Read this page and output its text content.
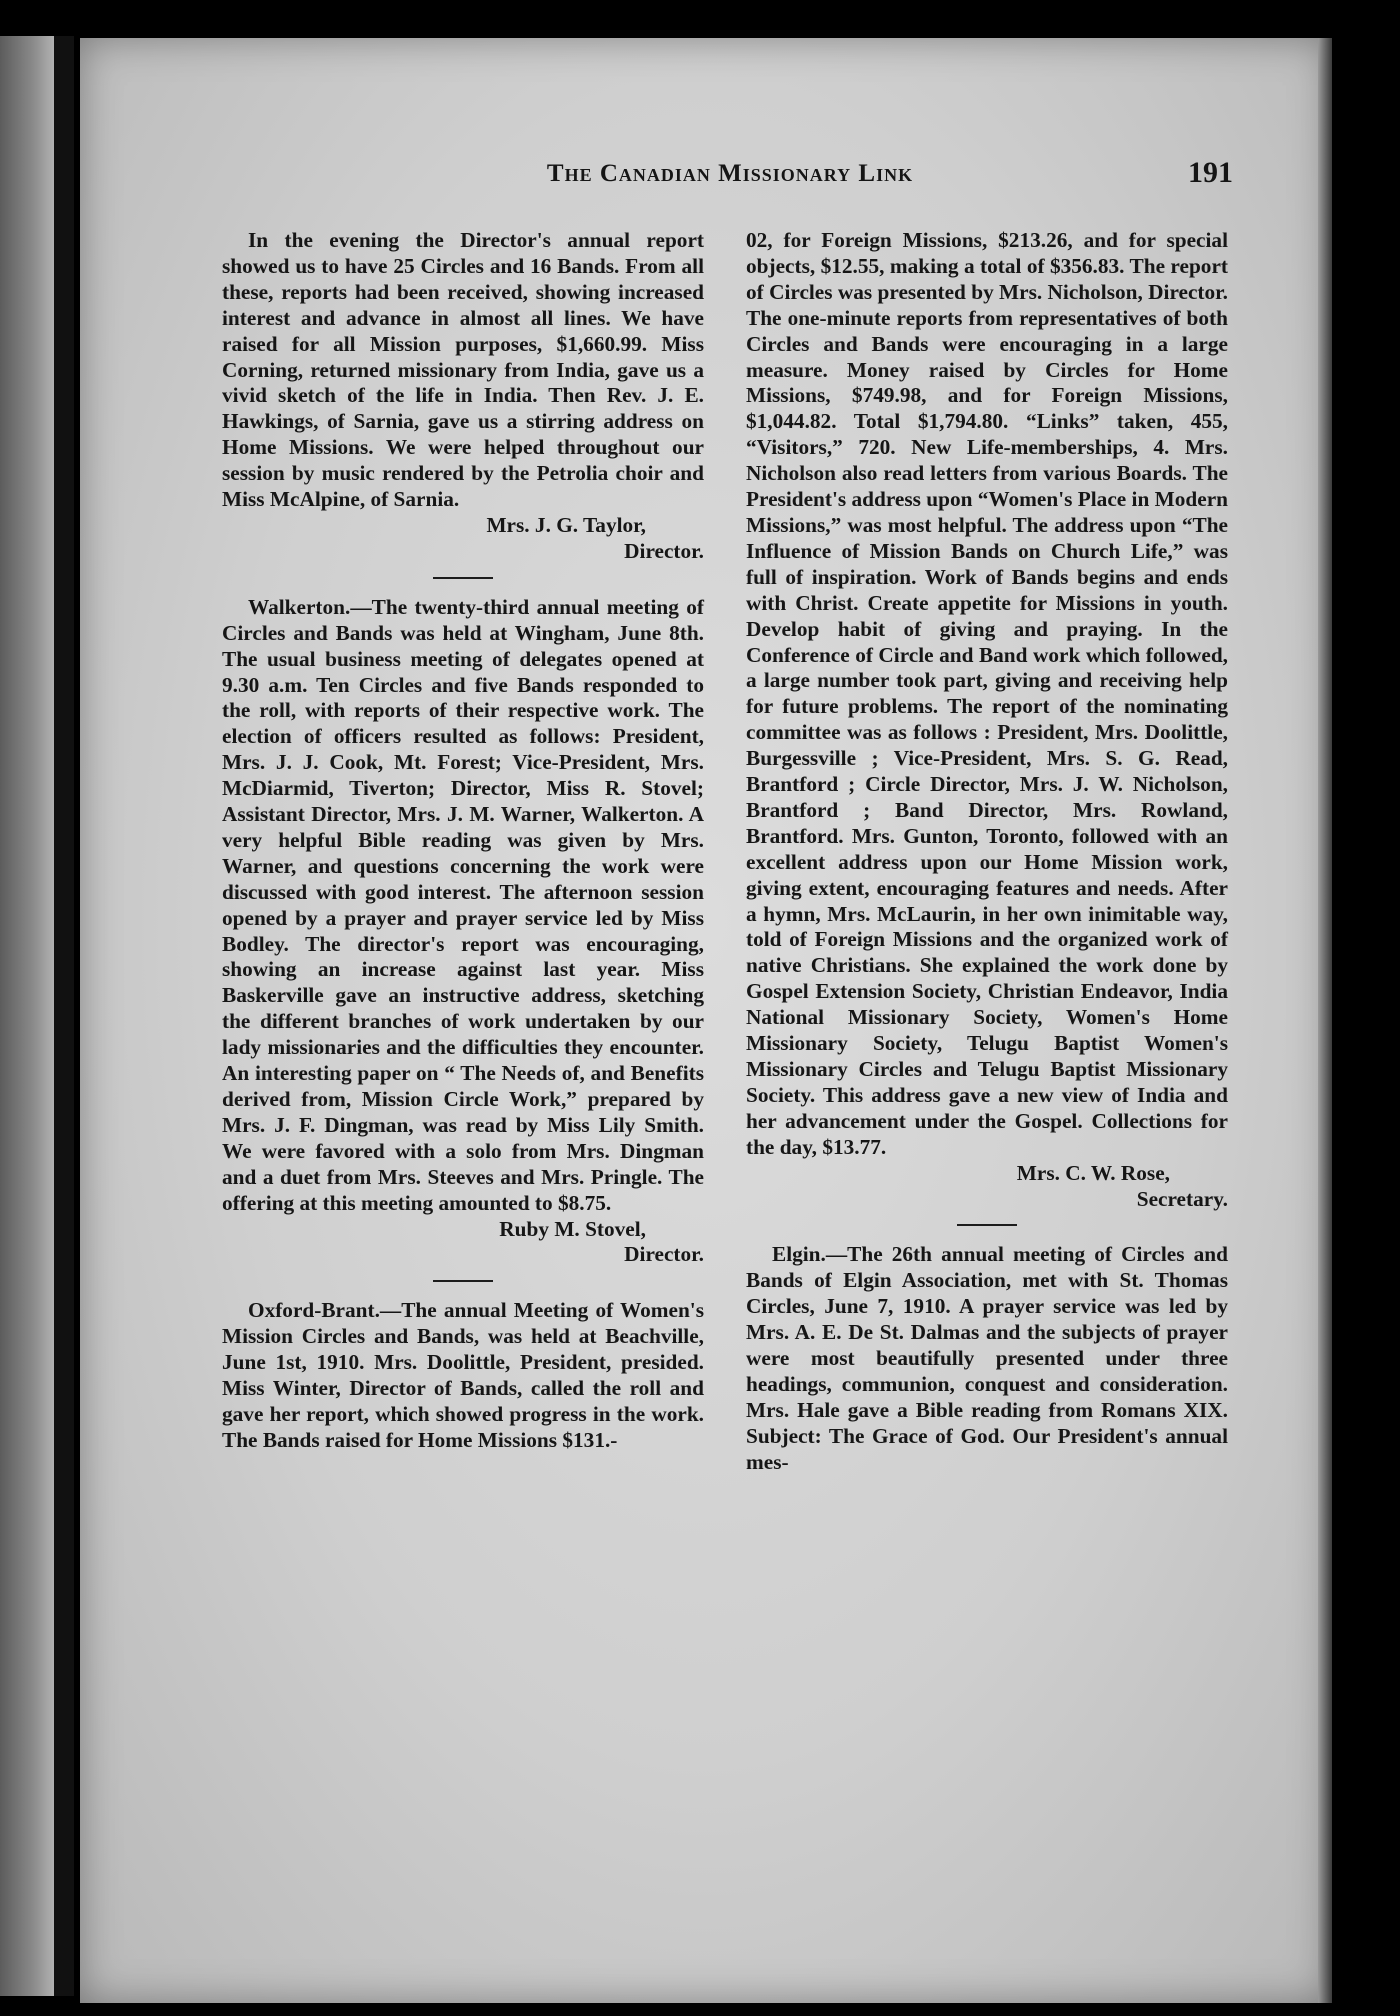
The Canadian Missionary Link	191

In the evening the Director's annual report showed us to have 25 Circles and 16 Bands. From all these, reports had been received, showing increased interest and advance in almost all lines. We have raised for all Mission purposes, $1,660.99. Miss Corning, returned missionary from India, gave us a vivid sketch of the life in India. Then Rev. J. E. Hawkings, of Sarnia, gave us a stirring address on Home Missions. We were helped throughout our session by music rendered by the Petrolia choir and Miss McAlpine, of Sarnia.

Mrs. J. G. Taylor,
Director.

Walkerton.—The twenty-third annual meeting of Circles and Bands was held at Wingham, June 8th. The usual business meeting of delegates opened at 9.30 a.m. Ten Circles and five Bands responded to the roll, with reports of their respective work. The election of officers resulted as follows: President, Mrs. J. J. Cook, Mt. Forest; Vice-President, Mrs. McDiarmid, Tiverton; Director, Miss R. Stovel; Assistant Director, Mrs. J. M. Warner, Walkerton. A very helpful Bible reading was given by Mrs. Warner, and questions concerning the work were discussed with good interest. The afternoon session opened by a prayer and prayer service led by Miss Bodley. The director's report was encouraging, showing an increase against last year. Miss Baskerville gave an instructive address, sketching the different branches of work undertaken by our lady missionaries and the difficulties they encounter. An interesting paper on “ The Needs of, and Benefits derived from, Mission Circle Work,” prepared by Mrs. J. F. Dingman, was read by Miss Lily Smith. We were favored with a solo from Mrs. Dingman and a duet from Mrs. Steeves and Mrs. Pringle. The offering at this meeting amounted to $8.75.

Ruby M. Stovel,
Director.

Oxford-Brant.—The annual Meeting of Women's Mission Circles and Bands, was held at Beachville, June 1st, 1910. Mrs. Doolittle, President, presided. Miss Winter, Director of Bands, called the roll and gave her report, which showed progress in the work. The Bands raised for Home Missions $131.-

02, for Foreign Missions, $213.26, and for special objects, $12.55, making a total of $356.83. The report of Circles was presented by Mrs. Nicholson, Director. The one-minute reports from representatives of both Circles and Bands were encouraging in a large measure. Money raised by Circles for Home Missions, $749.98, and for Foreign Missions, $1,044.82. Total $1,794.80. “Links” taken, 455, “Visitors,” 720. New Life-memberships, 4. Mrs. Nicholson also read letters from various Boards. The President's address upon “Women's Place in Modern Missions,” was most helpful. The address upon “The Influence of Mission Bands on Church Life,” was full of inspiration. Work of Bands begins and ends with Christ. Create appetite for Missions in youth. Develop habit of giving and praying. In the Conference of Circle and Band work which followed, a large number took part, giving and receiving help for future problems. The report of the nominating committee was as follows : President, Mrs. Doolittle, Burgessville ; Vice-President, Mrs. S. G. Read, Brantford ; Circle Director, Mrs. J. W. Nicholson, Brantford ; Band Director, Mrs. Rowland, Brantford. Mrs. Gunton, Toronto, followed with an excellent address upon our Home Mission work, giving extent, encouraging features and needs. After a hymn, Mrs. McLaurin, in her own inimitable way, told of Foreign Missions and the organized work of native Christians. She explained the work done by Gospel Extension Society, Christian Endeavor, India National Missionary Society, Women's Home Missionary Society, Telugu Baptist Women's Missionary Circles and Telugu Baptist Missionary Society. This address gave a new view of India and her advancement under the Gospel. Collections for the day, $13.77.

Mrs. C. W. Rose,
Secretary.

Elgin.—The 26th annual meeting of Circles and Bands of Elgin Association, met with St. Thomas Circles, June 7, 1910. A prayer service was led by Mrs. A. E. De St. Dalmas and the subjects of prayer were most beautifully presented under three headings, communion, conquest and consideration. Mrs. Hale gave a Bible reading from Romans XIX. Subject: The Grace of God. Our President's annual mes-
